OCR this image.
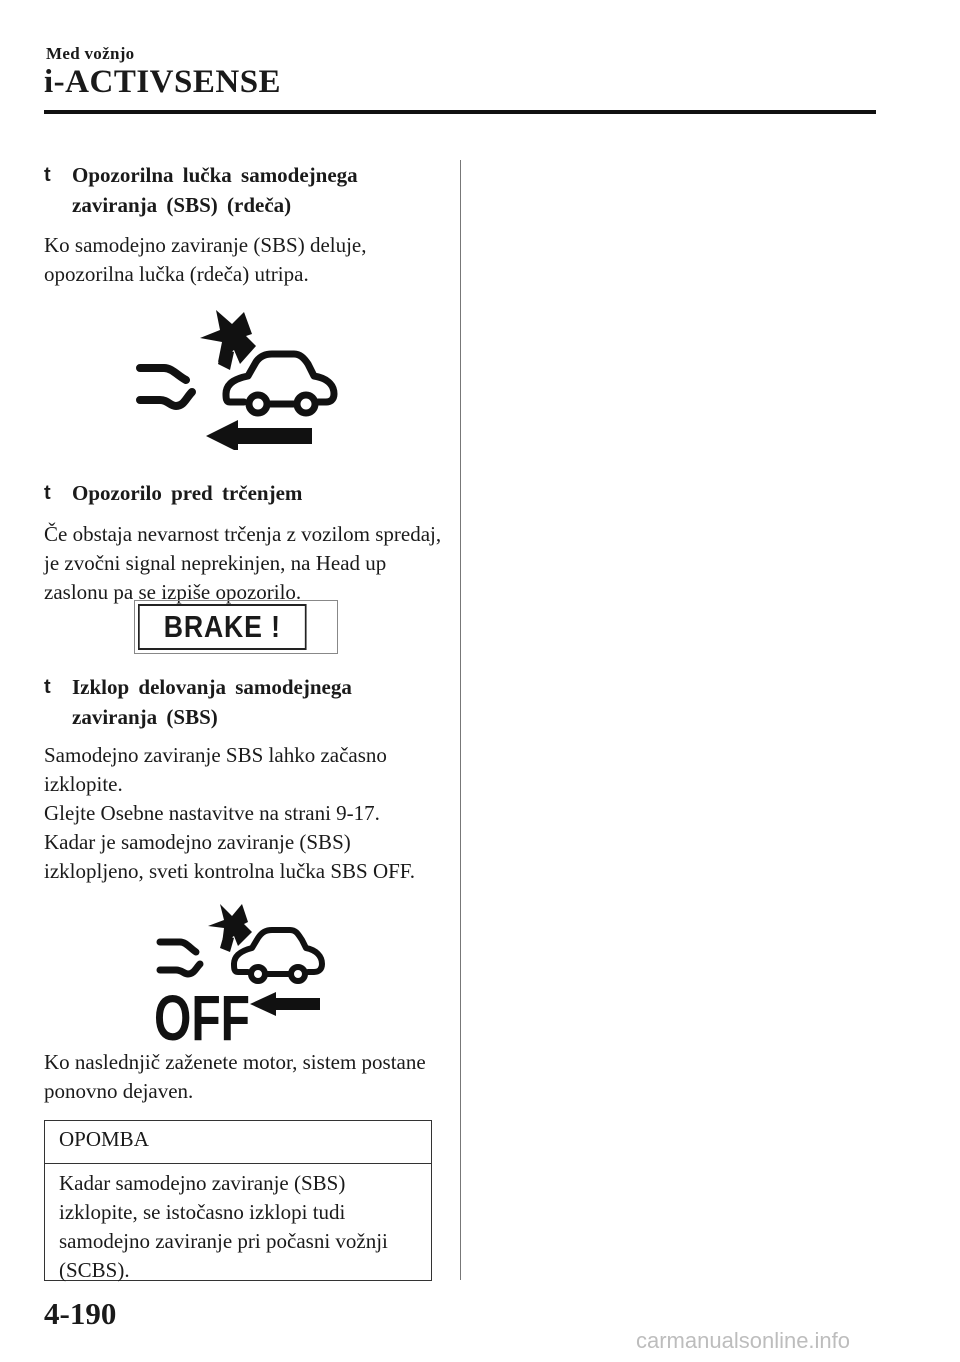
Med vožnjo
i-ACTIVSENSE
t Opozorilna lučka samodejnega zaviranja (SBS) (rdeča)
Ko samodejno zaviranje (SBS) deluje, opozorilna lučka (rdeča) utripa.
t Opozorilo pred trčenjem
Če obstaja nevarnost trčenja z vozilom spredaj, je zvočni signal neprekinjen, na Head up zaslonu pa se izpiše opozorilo.
BRAKE !
t Izklop delovanja samodejnega zaviranja (SBS)
Samodejno zaviranje SBS lahko začasno izklopite.
Glejte Osebne nastavitve na strani 9-17.
Kadar je samodejno zaviranje (SBS) izklopljeno, sveti kontrolna lučka SBS OFF.
OFF
Ko naslednjič zaženete motor, sistem postane ponovno dejaven.
OPOMBA
Kadar samodejno zaviranje (SBS) izklopite, se istočasno izklopi tudi samodejno zaviranje pri počasni vožnji (SCBS).
4-190
carmanualsonline.info
